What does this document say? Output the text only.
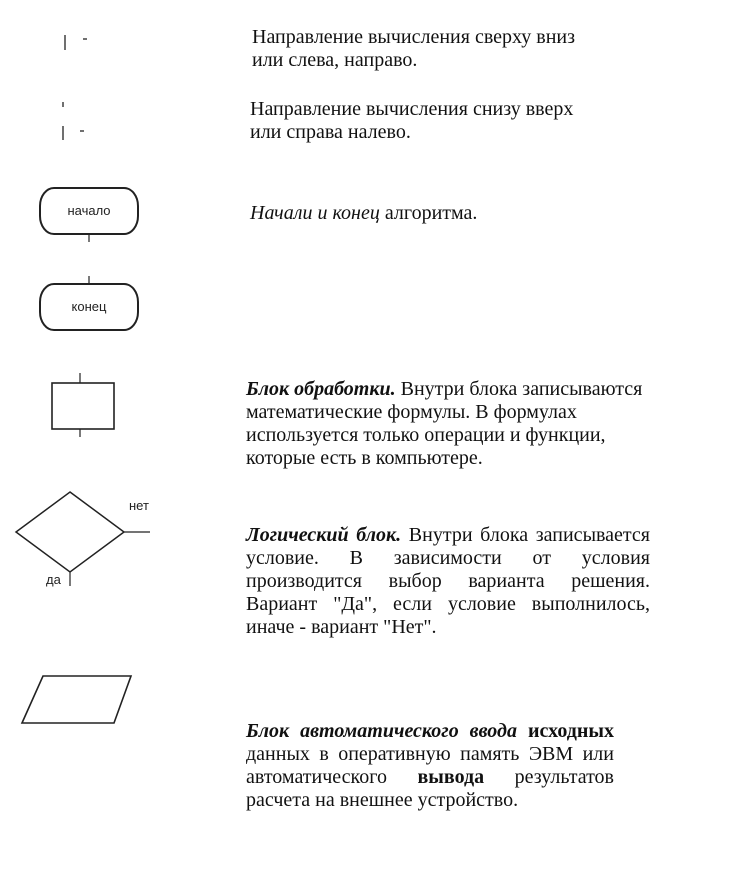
начало
конец
нет
да
Направление вычисления сверху вниз или слева, направо.
Направление вычисления снизу вверх или справа налево.
Начали и конец алгоритма.
Блок обработки. Внутри блока записываются математические формулы. В формулах используется только операции и функции, которые есть в компьютере.
Логический блок. Внутри блока записывается условие. В зависимости от условия производится выбор варианта решения. Вариант "Да", если условие выполнилось, иначе - вариант "Нет".
Блок автоматического ввода исходных данных в оперативную память ЭВМ или автоматического вывода результатов расчета на внешнее устройство.
